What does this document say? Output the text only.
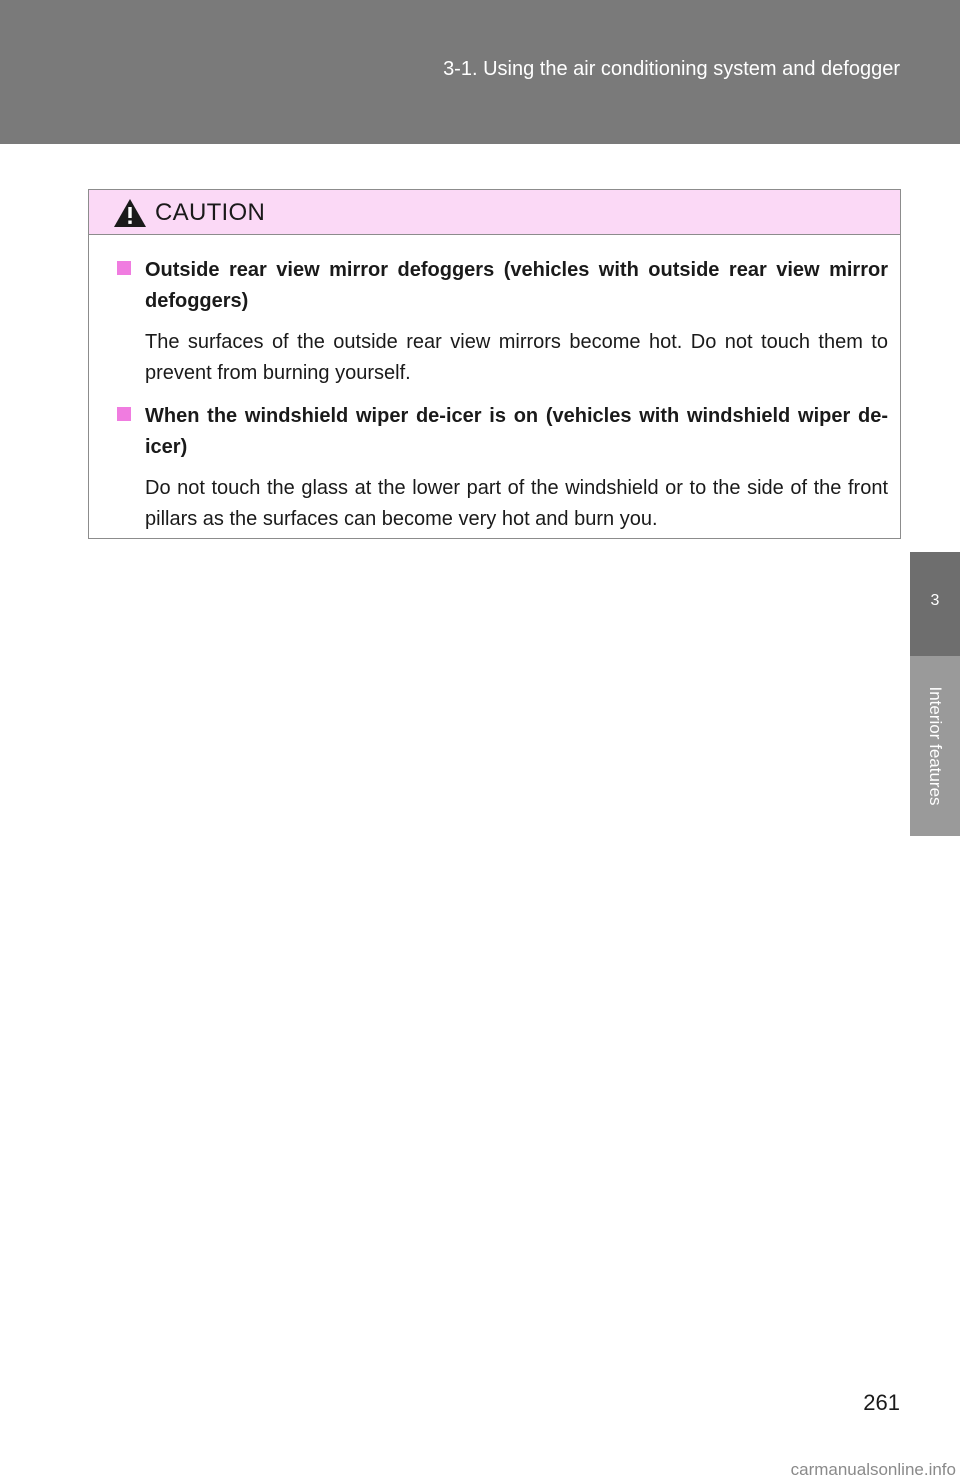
3-1. Using the air conditioning system and defogger
3
Interior features
CAUTION
Outside rear view mirror defoggers (vehicles with outside rear view mirror defoggers)
The surfaces of the outside rear view mirrors become hot. Do not touch them to prevent from burning yourself.
When the windshield wiper de-icer is on (vehicles with windshield wiper de-icer)
Do not touch the glass at the lower part of the windshield or to the side of the front pillars as the surfaces can become very hot and burn you.
261
carmanualsonline.info
